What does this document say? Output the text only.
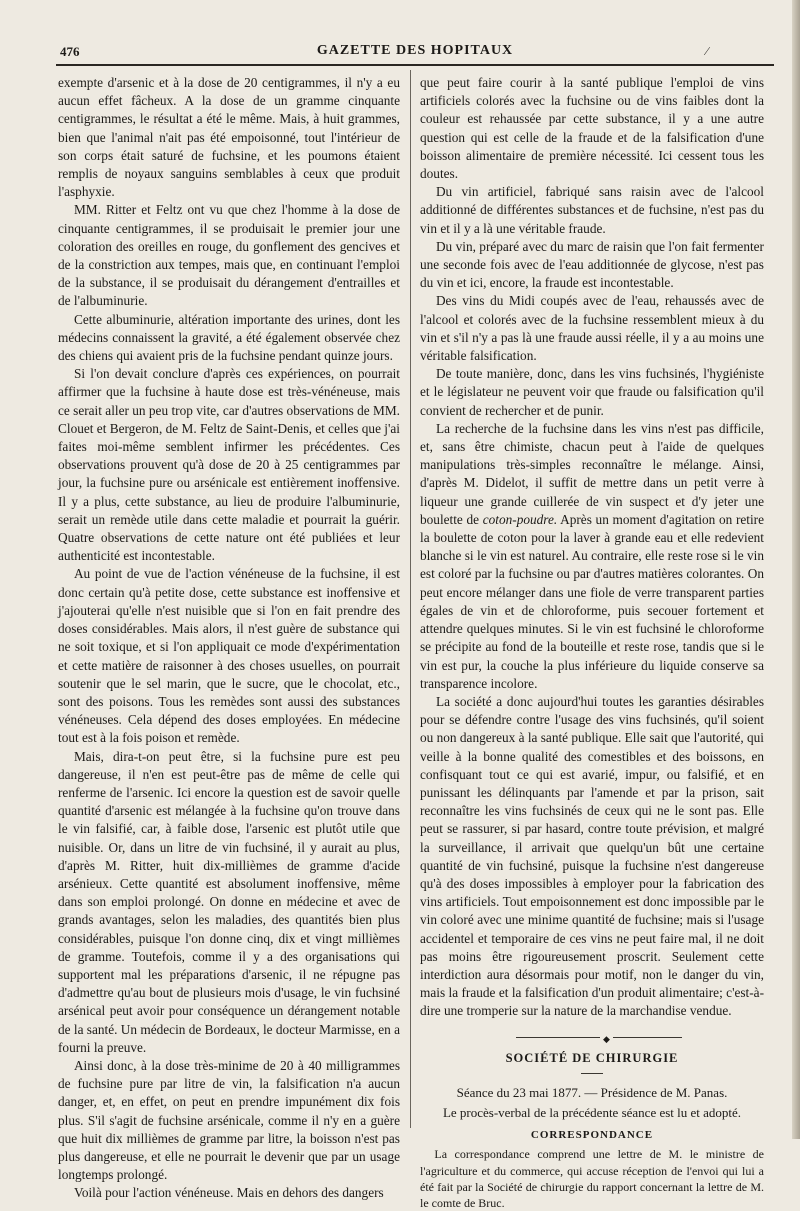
476	GAZETTE DES HOPITAUX	∕

exempte d'arsenic et à la dose de 20 centigrammes, il n'y a eu aucun effet fâcheux. A la dose de un gramme cinquante centigrammes, le résultat a été le même. Mais, à huit grammes, bien que l'animal n'ait pas été empoisonné, tout l'intérieur de son corps était saturé de fuchsine, et les poumons étaient remplis de noyaux sanguins semblables à ceux que produit l'asphyxie.

MM. Ritter et Feltz ont vu que chez l'homme à la dose de cinquante centigrammes, il se produisait le premier jour une coloration des oreilles en rouge, du gonflement des gencives et de la constriction aux tempes, mais que, en continuant l'emploi de la substance, il se produisait du dérangement d'entrailles et de l'albuminurie.

Cette albuminurie, altération importante des urines, dont les médecins connaissent la gravité, a été également observée chez des chiens qui avaient pris de la fuchsine pendant quinze jours.

Si l'on devait conclure d'après ces expériences, on pourrait affirmer que la fuchsine à haute dose est très-vénéneuse, mais ce serait aller un peu trop vite, car d'autres observations de MM. Clouet et Bergeron, de M. Feltz de Saint-Denis, et celles que j'ai faites moi-même semblent infirmer les précédentes. Ces observations prouvent qu'à dose de 20 à 25 centigrammes par jour, la fuchsine pure ou arsénicale est entièrement inoffensive. Il y a plus, cette substance, au lieu de produire l'albuminurie, serait un remède utile dans cette maladie et pourrait la guérir. Quatre observations de cette nature ont été publiées et leur authenticité est incontestable.

Au point de vue de l'action vénéneuse de la fuchsine, il est donc certain qu'à petite dose, cette substance est inoffensive et j'ajouterai qu'elle n'est nuisible que si l'on en fait prendre des doses considérables. Mais alors, il n'est guère de substance qui ne soit toxique, et si l'on appliquait ce mode d'expérimentation et cette matière de raisonner à des choses usuelles, on pourrait soutenir que le sel marin, que le sucre, que le chocolat, etc., sont des poisons. Tous les remèdes sont aussi des substances vénéneuses. Cela dépend des doses employées. En médecine tout est à la fois poison et remède.

Mais, dira-t-on peut être, si la fuchsine pure est peu dangereuse, il n'en est peut-être pas de même de celle qui renferme de l'arsenic. Ici encore la question est de savoir quelle quantité d'arsenic est mélangée à la fuchsine qu'on trouve dans le vin falsifié, car, à faible dose, l'arsenic est plutôt utile que nuisible. Or, dans un litre de vin fuchsiné, il y aurait au plus, d'après M. Ritter, huit dix-millièmes de gramme d'acide arsénieux. Cette quantité est absolument inoffensive, même dans son emploi prolongé. On donne en médecine et avec de grands avantages, selon les maladies, des quantités bien plus considérables, puisque l'on donne cinq, dix et vingt millièmes de gramme. Toutefois, comme il y a des organisations qui supportent mal les préparations d'arsenic, il ne répugne pas d'admettre qu'au bout de plusieurs mois d'usage, le vin fuchsiné arsénical peut avoir pour conséquence un dérangement notable de la santé. Un médecin de Bordeaux, le docteur Marmisse, en a fourni la preuve.

Ainsi donc, à la dose très-minime de 20 à 40 milligrammes de fuchsine pure par litre de vin, la falsification n'a aucun danger, et, en effet, on peut en prendre impunément dix fois plus. S'il s'agit de fuchsine arsénicale, comme il n'y en a guère que huit dix millièmes de gramme par litre, la boisson n'est pas plus dangereuse, et elle ne pourrait le devenir que par un usage longtemps prolongé.

Voilà pour l'action vénéneuse. Mais en dehors des dangers

que peut faire courir à la santé publique l'emploi de vins artificiels colorés avec la fuchsine ou de vins faibles dont la couleur est rehaussée par cette substance, il y a une autre question qui est celle de la fraude et de la falsification d'une boisson alimentaire de première nécessité. Ici cessent tous les doutes.

Du vin artificiel, fabriqué sans raisin avec de l'alcool additionné de différentes substances et de fuchsine, n'est pas du vin et il y a là une véritable fraude.

Du vin, préparé avec du marc de raisin que l'on fait fermenter une seconde fois avec de l'eau additionnée de glycose, n'est pas du vin et ici, encore, la fraude est incontestable.

Des vins du Midi coupés avec de l'eau, rehaussés avec de l'alcool et colorés avec de la fuchsine ressemblent mieux à du vin et s'il n'y a pas là une fraude aussi réelle, il y a au moins une véritable falsification.

De toute manière, donc, dans les vins fuchsinés, l'hygiéniste et le législateur ne peuvent voir que fraude ou falsification qu'il convient de rechercher et de punir.

La recherche de la fuchsine dans les vins n'est pas difficile, et, sans être chimiste, chacun peut à l'aide de quelques manipulations très-simples reconnaître le mélange. Ainsi, d'après M. Didelot, il suffit de mettre dans un petit verre à liqueur une grande cuillerée de vin suspect et d'y jeter une boulette de coton-poudre. Après un moment d'agitation on retire la boulette de coton pour la laver à grande eau et elle redevient blanche si le vin est naturel. Au contraire, elle reste rose si le vin est coloré par la fuchsine ou par d'autres matières colorantes. On peut encore mélanger dans une fiole de verre transparent parties égales de vin et de chloroforme, puis secouer fortement et attendre quelques minutes. Si le vin est fuchsiné le chloroforme se précipite au fond de la bouteille et reste rose, tandis que si le vin est pur, la couche la plus inférieure du liquide conserve sa transparence incolore.

La société a donc aujourd'hui toutes les garanties désirables pour se défendre contre l'usage des vins fuchsinés, qu'il soient ou non dangereux à la santé publique. Elle sait que l'autorité, qui veille à la bonne qualité des comestibles et des boissons, en confisquant tout ce qui est avarié, impur, ou falsifié, et en punissant les délinquants par l'amende et par la prison, sait reconnaître les vins fuchsinés de ceux qui ne le sont pas. Elle peut se rassurer, si par hasard, contre toute prévision, et malgré la surveillance, il arrivait que quelqu'un bût une certaine quantité de vin fuchsiné, puisque la fuchsine n'est dangereuse qu'à des doses impossibles à employer pour la fabrication des vins artificiels. Tout empoisonnement est donc impossible par le vin coloré avec une minime quantité de fuchsine; mais si l'usage accidentel et temporaire de ces vins ne peut faire mal, il ne doit pas moins être rigoureusement proscrit. Seulement cette interdiction aura désormais pour motif, non le danger du vin, mais la fraude et la falsification d'un produit alimentaire; c'est-à-dire une tromperie sur la nature de la marchandise vendue.

◆
SOCIÉTÉ DE CHIRURGIE
Séance du 23 mai 1877. — Présidence de M. Panas.
Le procès-verbal de la précédente séance est lu et adopté.
CORRESPONDANCE

La correspondance comprend une lettre de M. le ministre de l'agriculture et du commerce, qui accuse réception de l'envoi qui lui a été fait par la Société de chirurgie du rapport concernant la lettre de M. le comte de Bruc.
